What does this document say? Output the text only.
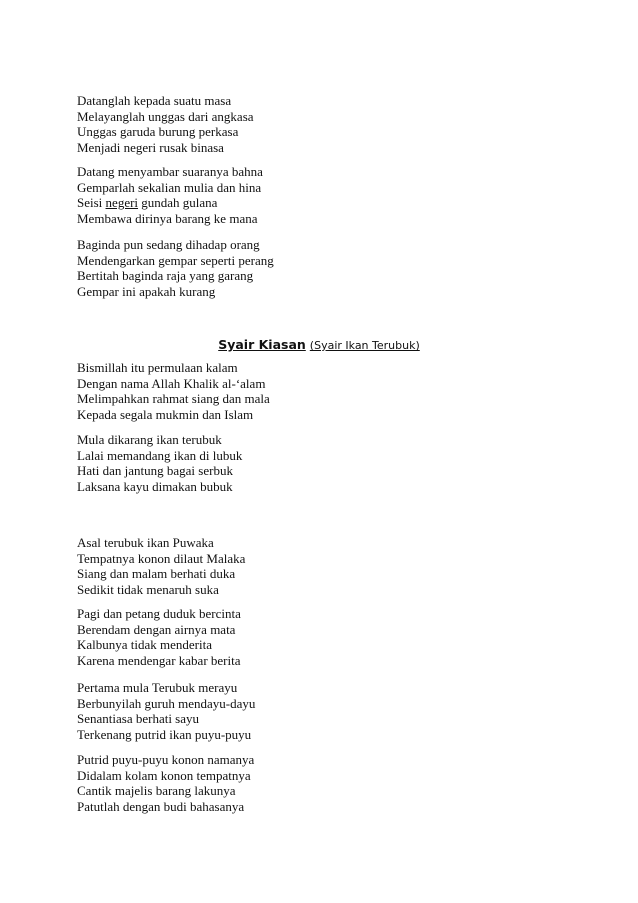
Datanglah kepada suatu masa
Melayanglah unggas dari angkasa
Unggas garuda burung perkasa
Menjadi negeri rusak binasa
Datang menyambar suaranya bahna
Gemparlah sekalian mulia dan hina
Seisi negeri gundah gulana
Membawa dirinya barang ke mana
Baginda pun sedang dihadap orang
Mendengarkan gempar seperti perang
Bertitah baginda raja yang garang
Gempar ini apakah kurang
Syair Kiasan (Syair Ikan Terubuk)
Bismillah itu permulaan kalam
Dengan nama Allah Khalik al-‘alam
Melimpahkan rahmat siang dan mala
Kepada segala mukmin dan Islam
Mula dikarang ikan terubuk
Lalai memandang ikan di lubuk
Hati dan jantung bagai serbuk
Laksana kayu dimakan bubuk
Asal terubuk ikan Puwaka
Tempatnya konon dilaut Malaka
Siang dan malam berhati duka
Sedikit tidak menaruh suka
Pagi dan petang duduk bercinta
Berendam dengan airnya mata
Kalbunya tidak menderita
Karena mendengar kabar berita
Pertama mula Terubuk merayu
Berbunyilah guruh mendayu-dayu
Senantiasa berhati sayu
Terkenang putrid ikan puyu-puyu
Putrid puyu-puyu konon namanya
Didalam kolam konon tempatnya
Cantik majelis barang lakunya
Patutlah dengan budi bahasanya
